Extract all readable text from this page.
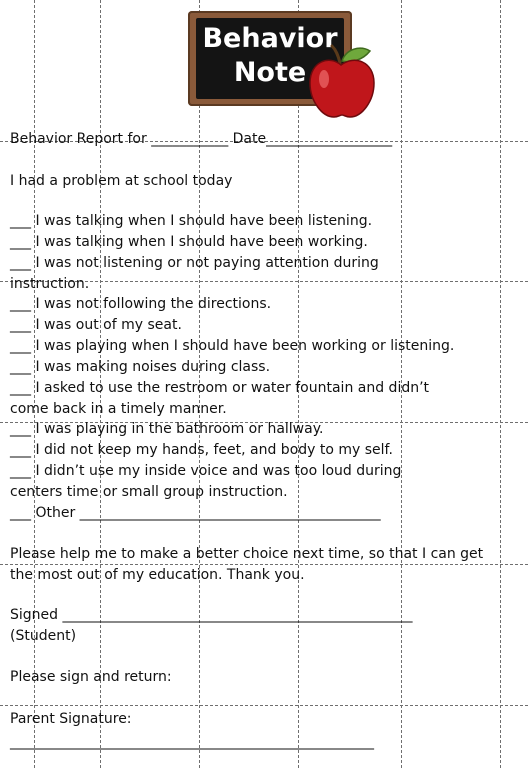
Behavior
Note
Behavior Report for ___________ Date__________________

I had a problem at school today

___ I was talking when I should have been listening.

___ I was talking when I should have been working.

___ I was not listening or not paying attention during

instruction.

___ I was not following the directions.

___ I was out of my seat.

___ I was playing when I should have been working or listening.

___ I was making noises during class.

___ I asked to use the restroom or water fountain and didn’t

come back in a timely manner.

___ I was playing in the bathroom or hallway.

___ I did not keep my hands, feet, and body to my self.

___ I didn’t use my inside voice and was too loud during

centers time or small group instruction.

___ Other ___________________________________________

Please help me to make a better choice next time, so that I can get

the most out of my education. Thank you.

Signed __________________________________________________

(Student)

Please sign and return:

Parent Signature:

____________________________________________________
